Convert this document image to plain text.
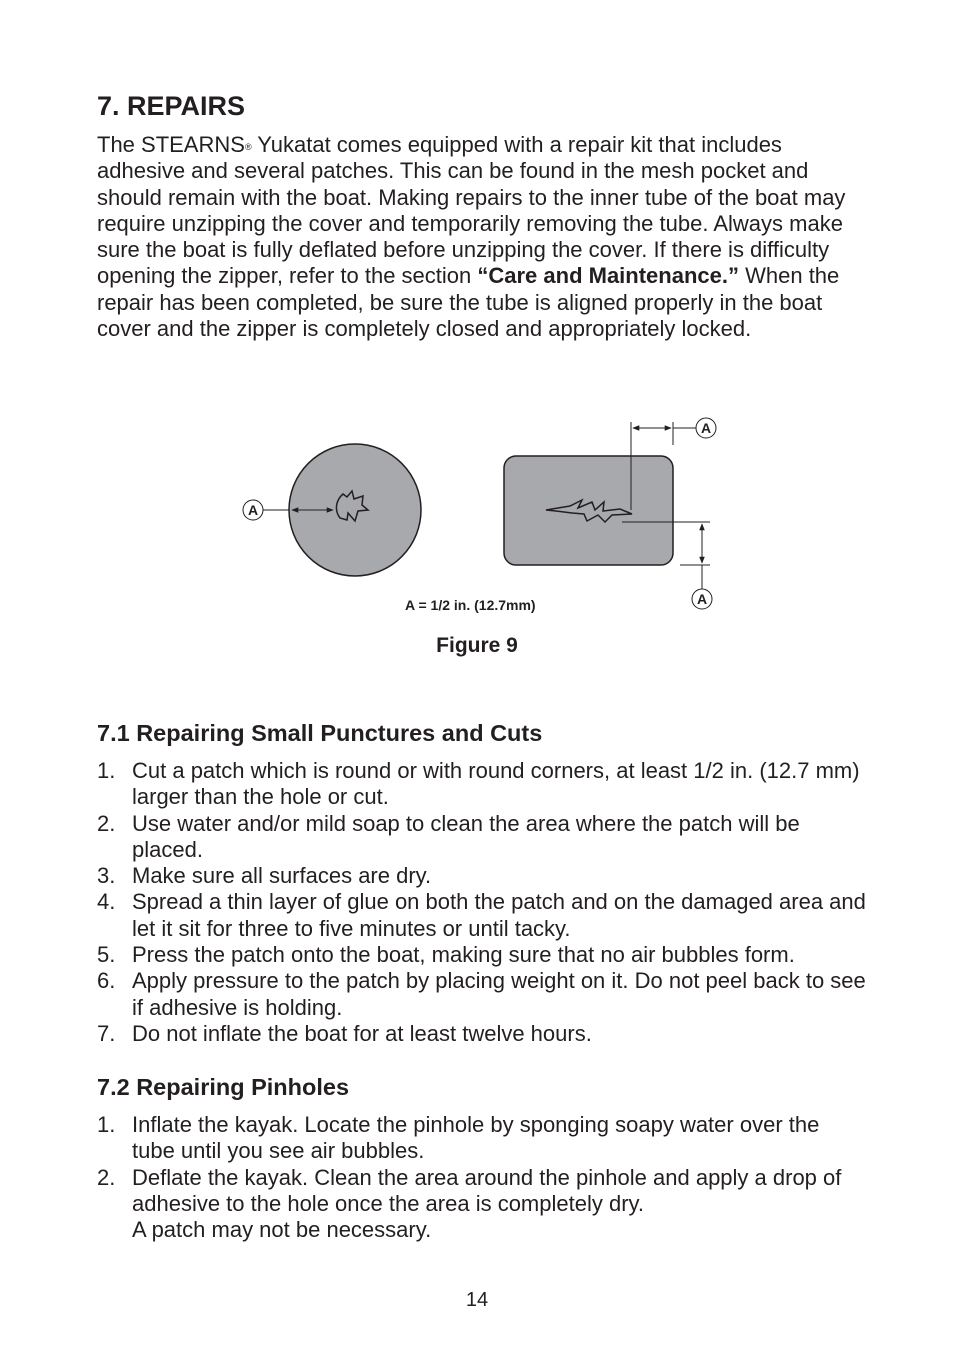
7. REPAIRS

The STEARNS® Yukatat comes equipped with a repair kit that includes adhesive and several patches. This can be found in the mesh pocket and should remain with the boat. Making repairs to the inner tube of the boat may require unzipping the cover and temporarily removing the tube. Always make sure the boat is fully deflated before unzipping the cover. If there is difficulty opening the zipper, refer to the section “Care and Maintenance.” When the repair has been completed, be sure the tube is aligned properly in the boat cover and the zipper is completely closed and appropriately locked.

A
A
A
A = 1/2 in. (12.7mm)
Figure 9
7.1 Repairing Small Punctures and Cuts
1. Cut a patch which is round or with round corners, at least 1/2 in. (12.7 mm) larger than the hole or cut.
2. Use water and/or mild soap to clean the area where the patch will be placed.
3. Make sure all surfaces are dry.
4. Spread a thin layer of glue on both the patch and on the damaged area and let it sit for three to five minutes or until tacky.
5. Press the patch onto the boat, making sure that no air bubbles form.
6. Apply pressure to the patch by placing weight on it. Do not peel back to see if adhesive is holding.
7. Do not inflate the boat for at least twelve hours.
7.2 Repairing Pinholes
1. Inflate the kayak. Locate the pinhole by sponging soapy water over the tube until you see air bubbles.
2. Deflate the kayak. Clean the area around the pinhole and apply a drop of adhesive to the hole once the area is completely dry.
A patch may not be necessary.
14
